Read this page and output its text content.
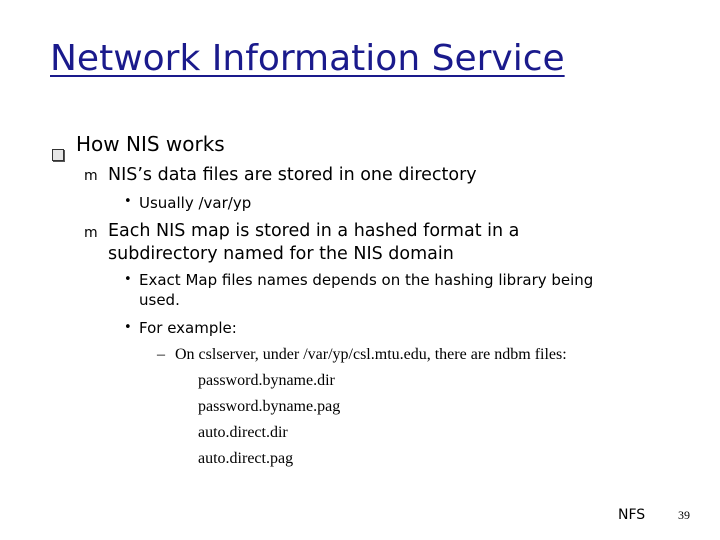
Network Information Service
How NIS works
m NIS’s data files are stored in one directory
• Usually /var/yp
m Each NIS map is stored in a hashed format in a
subdirectory named for the NIS domain
• Exact Map files names depends on the hashing library being
used.
• For example:
– On cslserver, under /var/yp/csl.mtu.edu, there are ndbm files:
password.byname.dir
password.byname.pag
auto.direct.dir
auto.direct.pag
NFS	39
